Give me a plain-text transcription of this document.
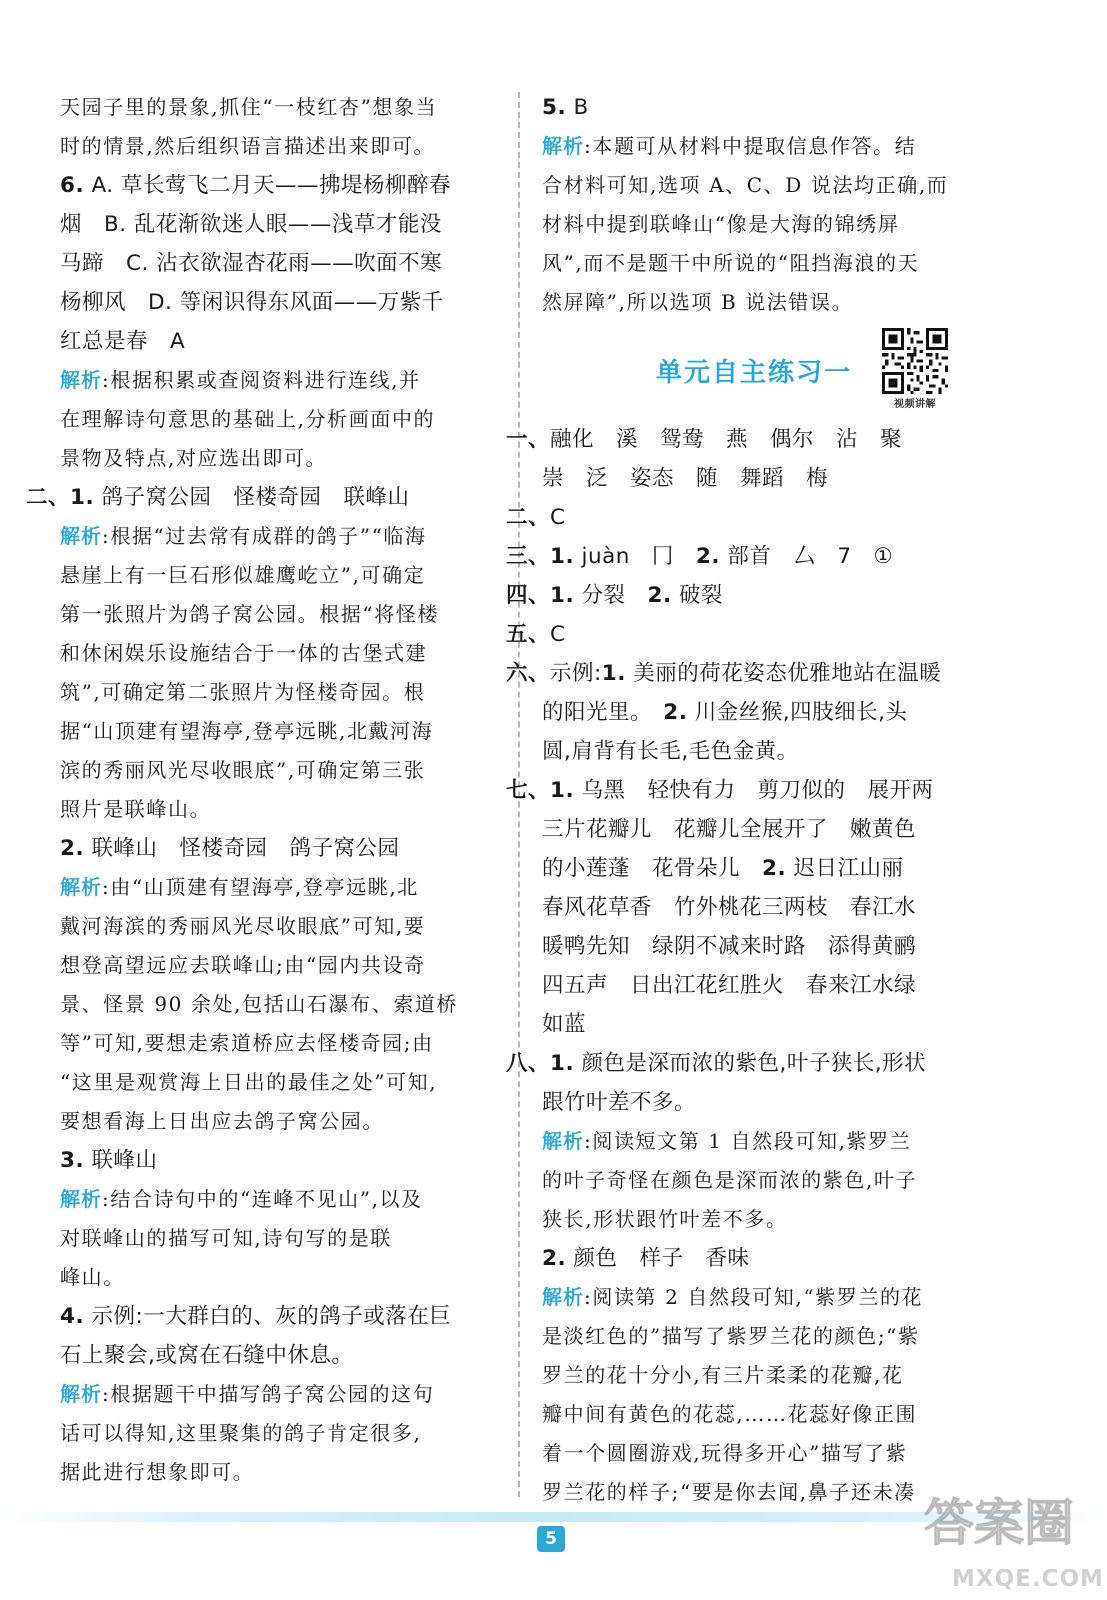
天园子里的景象,抓住“一枝红杏”想象当
时的情景,然后组织语言描述出来即可。
6. A. 草长莺飞二月天——拂堤杨柳醉春
烟　B. 乱花渐欲迷人眼——浅草才能没
马蹄　C. 沾衣欲湿杏花雨——吹面不寒
杨柳风　D. 等闲识得东风面——万紫千
红总是春　A
解析:根据积累或查阅资料进行连线,并
在理解诗句意思的基础上,分析画面中的
景物及特点,对应选出即可。
二、1. 鸽子窝公园　怪楼奇园　联峰山
解析:根据“过去常有成群的鸽子”“临海
悬崖上有一巨石形似雄鹰屹立”,可确定
第一张照片为鸽子窝公园。根据“将怪楼
和休闲娱乐设施结合于一体的古堡式建
筑”,可确定第二张照片为怪楼奇园。根
据“山顶建有望海亭,登亭远眺,北戴河海
滨的秀丽风光尽收眼底”,可确定第三张
照片是联峰山。
2. 联峰山　怪楼奇园　鸽子窝公园
解析:由“山顶建有望海亭,登亭远眺,北
戴河海滨的秀丽风光尽收眼底”可知,要
想登高望远应去联峰山;由“园内共设奇
景、怪景 90 余处,包括山石瀑布、索道桥
等”可知,要想走索道桥应去怪楼奇园;由
“这里是观赏海上日出的最佳之处”可知,
要想看海上日出应去鸽子窝公园。
3. 联峰山
解析:结合诗句中的“连峰不见山”,以及
对联峰山的描写可知,诗句写的是联
峰山。
4. 示例:一大群白的、灰的鸽子或落在巨
石上聚会,或窝在石缝中休息。
解析:根据题干中描写鸽子窝公园的这句
话可以得知,这里聚集的鸽子肯定很多,
据此进行想象即可。
5. B
解析:本题可从材料中提取信息作答。结
合材料可知,选项 A、C、D 说法均正确,而
材料中提到联峰山“像是大海的锦绣屏
风”,而不是题干中所说的“阻挡海浪的天
然屏障”,所以选项 B 说法错误。
单元自主练习一
视频讲解
一、融化　溪　鸳鸯　燕　偶尔　沾　聚
崇　泛　姿态　随　舞蹈　梅
二、C
三、1. juàn　冂　2. 部首　厶　7　①
四、1. 分裂　2. 破裂
五、C
六、示例:1. 美丽的荷花姿态优雅地站在温暖
的阳光里。　2. 川金丝猴,四肢细长,头
圆,肩背有长毛,毛色金黄。
七、1. 乌黑　轻快有力　剪刀似的　展开两
三片花瓣儿　花瓣儿全展开了　嫩黄色
的小莲蓬　花骨朵儿　2. 迟日江山丽
春风花草香　竹外桃花三两枝　春江水
暖鸭先知　绿阴不减来时路　添得黄鹂
四五声　日出江花红胜火　春来江水绿
如蓝
八、1. 颜色是深而浓的紫色,叶子狭长,形状
跟竹叶差不多。
解析:阅读短文第 1 自然段可知,紫罗兰
的叶子奇怪在颜色是深而浓的紫色,叶子
狭长,形状跟竹叶差不多。
2. 颜色　样子　香味
解析:阅读第 2 自然段可知,“紫罗兰的花
是淡红色的”描写了紫罗兰花的颜色;“紫
罗兰的花十分小,有三片柔柔的花瓣,花
瓣中间有黄色的花蕊,……花蕊好像正围
着一个圆圈游戏,玩得多开心”描写了紫
罗兰花的样子;“要是你去闻,鼻子还未凑
5	答案圈
MXQE.COM
